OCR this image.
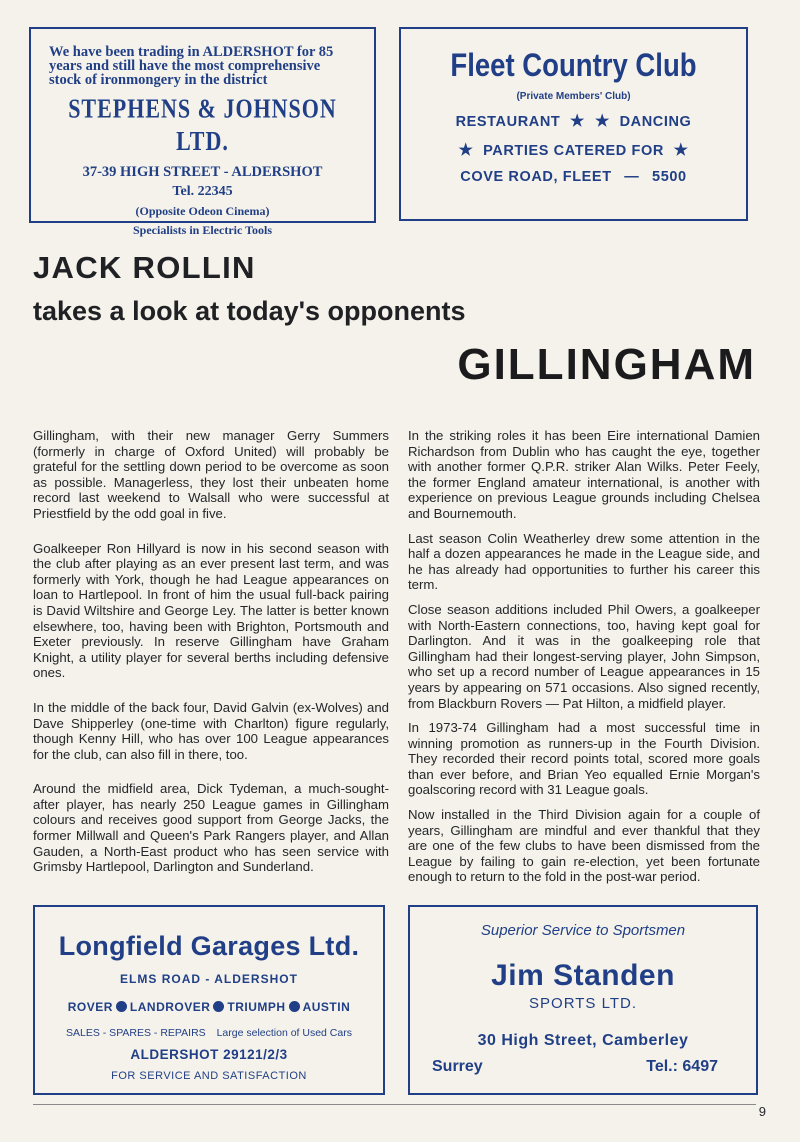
We have been trading in ALDERSHOT for 85 years and still have the most comprehensive stock of ironmongery in the district
STEPHENS & JOHNSON LTD.
37-39 HIGH STREET - ALDERSHOT
Tel. 22345
(Opposite Odeon Cinema)
Specialists in Electric Tools
Fleet Country Club
(Private Members' Club)
RESTAURANT ★ ★ DANCING
★ PARTIES CATERED FOR ★
COVE ROAD, FLEET — 5500
JACK ROLLIN
takes a look at today's opponents
GILLINGHAM

Gillingham, with their new manager Gerry Summers (formerly in charge of Oxford United) will probably be grateful for the settling down period to be overcome as soon as possible. Managerless, they lost their unbeaten home record last weekend to Walsall who were successful at Priestfield by the odd goal in five.

Goalkeeper Ron Hillyard is now in his second season with the club after playing as an ever present last term, and was formerly with York, though he had League appearances on loan to Hartlepool. In front of him the usual full-back pairing is David Wiltshire and George Ley. The latter is better known elsewhere, too, having been with Brighton, Portsmouth and Exeter previously. In reserve Gillingham have Graham Knight, a utility player for several berths including defensive ones.

In the middle of the back four, David Galvin (ex-Wolves) and Dave Shipperley (one-time with Charlton) figure regularly, though Kenny Hill, who has over 100 League appearances for the club, can also fill in there, too.

Around the midfield area, Dick Tydeman, a much-sought-after player, has nearly 250 League games in Gillingham colours and receives good support from George Jacks, the former Millwall and Queen's Park Rangers player, and Allan Gauden, a North-East product who has seen service with Grimsby Hartlepool, Darlington and Sunderland.

In the striking roles it has been Eire international Damien Richardson from Dublin who has caught the eye, together with another former Q.P.R. striker Alan Wilks. Peter Feely, the former England amateur international, is another with experience on previous League grounds including Chelsea and Bournemouth.

Last season Colin Weatherley drew some attention in the half a dozen appearances he made in the League side, and he has already had opportunities to further his career this term.

Close season additions included Phil Owers, a goalkeeper with North-Eastern connections, too, having kept goal for Darlington. And it was in the goalkeeping role that Gillingham had their longest-serving player, John Simpson, who set up a record number of League appearances in 15 years by appearing on 571 occasions. Also signed recently, from Blackburn Rovers — Pat Hilton, a midfield player.

In 1973-74 Gillingham had a most successful time in winning promotion as runners-up in the Fourth Division. They recorded their record points total, scored more goals than ever before, and Brian Yeo equalled Ernie Morgan's goalscoring record with 31 League goals.

Now installed in the Third Division again for a couple of years, Gillingham are mindful and ever thankful that they are one of the few clubs to have been dismissed from the League by failing to gain re-election, yet been fortunate enough to return to the fold in the post-war period.

Longfield Garages Ltd.
ELMS ROAD - ALDERSHOT
ROVER LANDROVER TRIUMPH AUSTIN
SALES - SPARES - REPAIRS Large selection of Used Cars
ALDERSHOT 29121/2/3
FOR SERVICE AND SATISFACTION
Superior Service to Sportsmen
Jim Standen
SPORTS LTD.
30 High Street, Camberley
Surrey	Tel.: 6497
9
